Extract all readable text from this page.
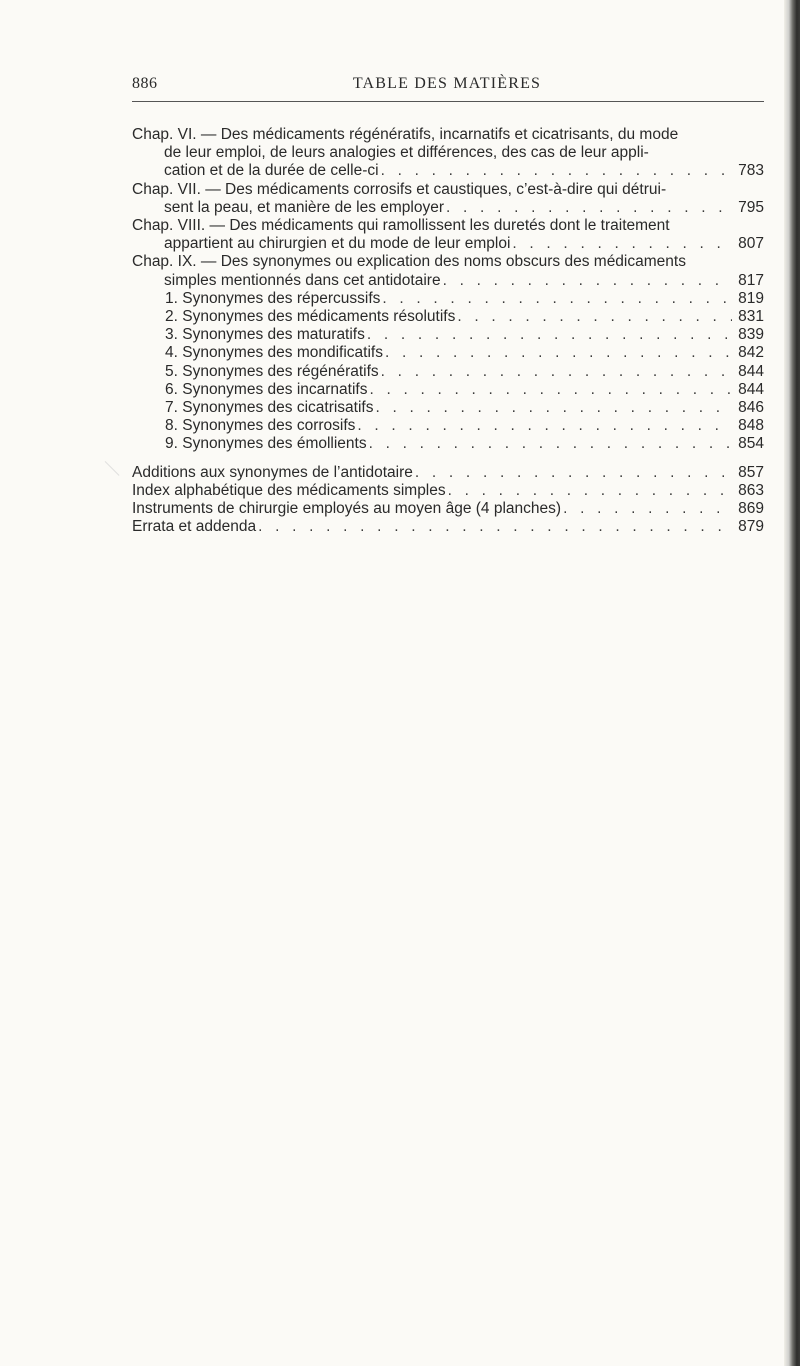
886	TABLE DES MATIÈRES
Chap. VI. — Des médicaments régénératifs, incarnatifs et cicatrisants, du mode
de leur emploi, de leurs analogies et différences, des cas de leur appli-
cation et de la durée de celle-ci . . .	783
Chap. VII. — Des médicaments corrosifs et caustiques, c’est-à-dire qui détrui-
sent la peau, et manière de les employer . . .	795
Chap. VIII. — Des médicaments qui ramollissent les duretés dont le traitement
appartient au chirurgien et du mode de leur emploi . . .	807
Chap. IX. — Des synonymes ou explication des noms obscurs des médicaments
simples mentionnés dans cet antidotaire . . .	817
1. Synonymes des répercussifs . . .	819
2. Synonymes des médicaments résolutifs . . .	831
3. Synonymes des maturatifs . . .	839
4. Synonymes des mondificatifs . . .	842
5. Synonymes des régénératifs . . .	844
6. Synonymes des incarnatifs . . .	844
7. Synonymes des cicatrisatifs . . .	846
8. Synonymes des corrosifs . . .	848
9. Synonymes des émollients . . .	854
Additions aux synonymes de l’antidotaire . . .	857
Index alphabétique des médicaments simples . . .	863
Instruments de chirurgie employés au moyen âge (4 planches) . . .	869
Errata et addenda . . .	879
